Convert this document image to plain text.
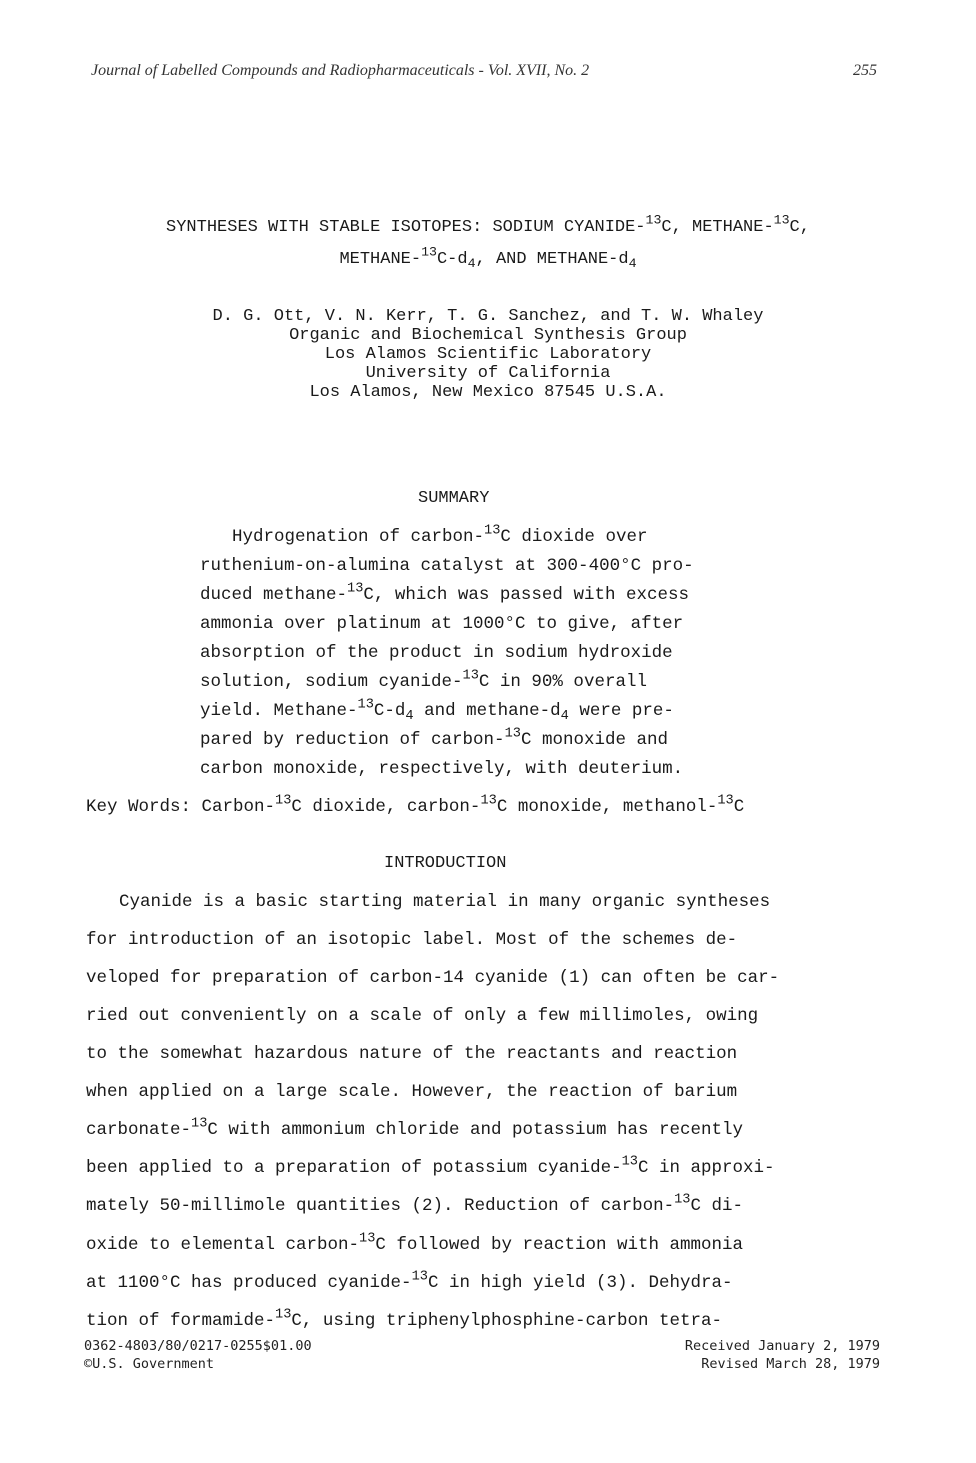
Journal of Labelled Compounds and Radiopharmaceuticals - Vol. XVII, No. 2	255
SYNTHESES WITH STABLE ISOTOPES: SODIUM CYANIDE-$^{13}$C, METHANE-$^{13}$C,
METHANE-$^{13}C-d_4$, AND METHANE-$d_4$
D. G. Ott, V. N. Kerr, T. G. Sanchez, and T. W. Whaley
Organic and Biochemical Synthesis Group
Los Alamos Scientific Laboratory
University of California
Los Alamos, New Mexico 87545 U.S.A.
SUMMARY
Hydrogenation of carbon-$^{13}$C dioxide over
ruthenium-on-alumina catalyst at 300-400°C pro-
duced methane-$^{13}$C, which was passed with excess
ammonia over platinum at 1000°C to give, after
absorption of the product in sodium hydroxide
solution, sodium cyanide-$^{13}$C in 90% overall
yield. Methane-$^{13}C-d_4$ and methane-$d_4$ were pre-
pared by reduction of carbon-$^{13}$C monoxide and
carbon monoxide, respectively, with deuterium.
Key Words: Carbon-$^{13}$C dioxide, carbon-$^{13}$C monoxide, methanol-$^{13}$C
INTRODUCTION
Cyanide is a basic starting material in many organic syntheses
for introduction of an isotopic label. Most of the schemes de-
veloped for preparation of carbon-14 cyanide (1) can often be car-
ried out conveniently on a scale of only a few millimoles, owing
to the somewhat hazardous nature of the reactants and reaction
when applied on a large scale. However, the reaction of barium
carbonate-$^{13}$C with ammonium chloride and potassium has recently
been applied to a preparation of potassium cyanide-$^{13}$C in approxi-
mately 50-millimole quantities (2). Reduction of carbon-$^{13}$C di-
oxide to elemental carbon-$^{13}$C followed by reaction with ammonia
at 1100°C has produced cyanide-$^{13}$C in high yield (3). Dehydra-
tion of formamide-$^{13}$C, using triphenylphosphine-carbon tetra-
0362-4803/80/0217-0255$01.00
©U.S. Government
Received January 2, 1979
Revised March 28, 1979
